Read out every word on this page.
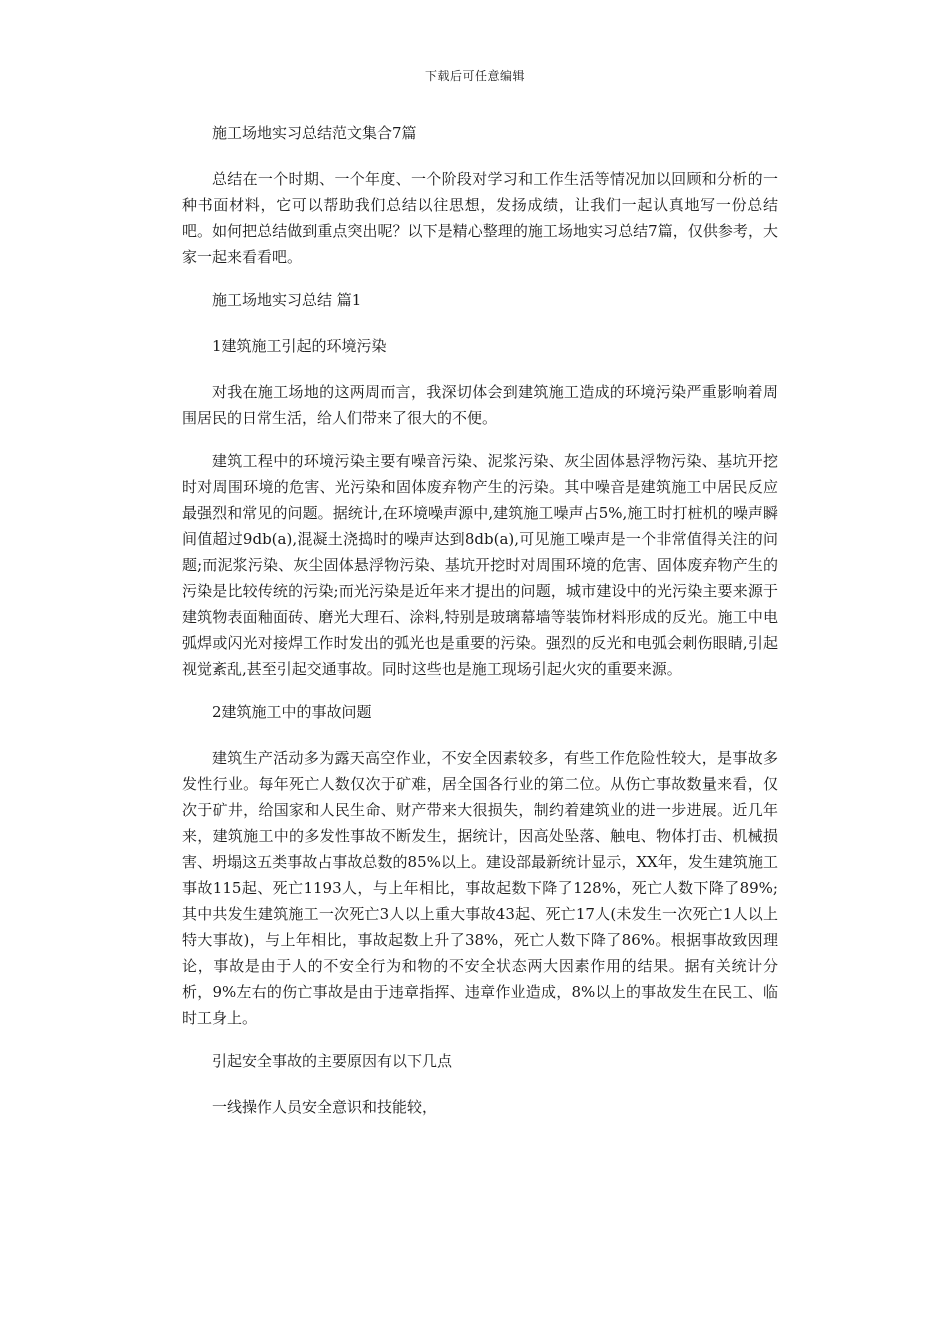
下载后可任意编辑

施工场地实习总结范文集合7篇

总结在一个时期、一个年度、一个阶段对学习和工作生活等情况加以回顾和分析的一种书面材料，它可以帮助我们总结以往思想，发扬成绩，让我们一起认真地写一份总结吧。如何把总结做到重点突出呢？以下是精心整理的施工场地实习总结7篇，仅供参考，大家一起来看看吧。

施工场地实习总结 篇1

1建筑施工引起的环境污染

对我在施工场地的这两周而言，我深切体会到建筑施工造成的环境污染严重影响着周围居民的日常生活，给人们带来了很大的不便。

建筑工程中的环境污染主要有噪音污染、泥浆污染、灰尘固体悬浮物污染、基坑开挖时对周围环境的危害、光污染和固体废弃物产生的污染。其中噪音是建筑施工中居民反应最强烈和常见的问题。据统计,在环境噪声源中,建筑施工噪声占5%,施工时打桩机的噪声瞬间值超过9db(a),混凝土浇捣时的噪声达到8db(a),可见施工噪声是一个非常值得关注的问题;而泥浆污染、灰尘固体悬浮物污染、基坑开挖时对周围环境的危害、固体废弃物产生的污染是比较传统的污染;而光污染是近年来才提出的问题，城市建设中的光污染主要来源于建筑物表面釉面砖、磨光大理石、涂料,特别是玻璃幕墙等装饰材料形成的反光。施工中电弧焊或闪光对接焊工作时发出的弧光也是重要的污染。强烈的反光和电弧会刺伤眼睛,引起视觉紊乱,甚至引起交通事故。同时这些也是施工现场引起火灾的重要来源。

2建筑施工中的事故问题

建筑生产活动多为露天高空作业，不安全因素较多，有些工作危险性较大，是事故多发性行业。每年死亡人数仅次于矿难，居全国各行业的第二位。从伤亡事故数量来看，仅次于矿井，给国家和人民生命、财产带来大很损失，制约着建筑业的进一步进展。近几年来，建筑施工中的多发性事故不断发生，据统计，因高处坠落、触电、物体打击、机械损害、坍塌这五类事故占事故总数的85%以上。建设部最新统计显示，XX年，发生建筑施工事故115起、死亡1193人，与上年相比，事故起数下降了128%，死亡人数下降了89%;其中共发生建筑施工一次死亡3人以上重大事故43起、死亡17人(未发生一次死亡1人以上特大事故)，与上年相比，事故起数上升了38%，死亡人数下降了86%。根据事故致因理论，事故是由于人的不安全行为和物的不安全状态两大因素作用的结果。据有关统计分析，9%左右的伤亡事故是由于违章指挥、违章作业造成，8%以上的事故发生在民工、临时工身上。

引起安全事故的主要原因有以下几点

一线操作人员安全意识和技能较，
